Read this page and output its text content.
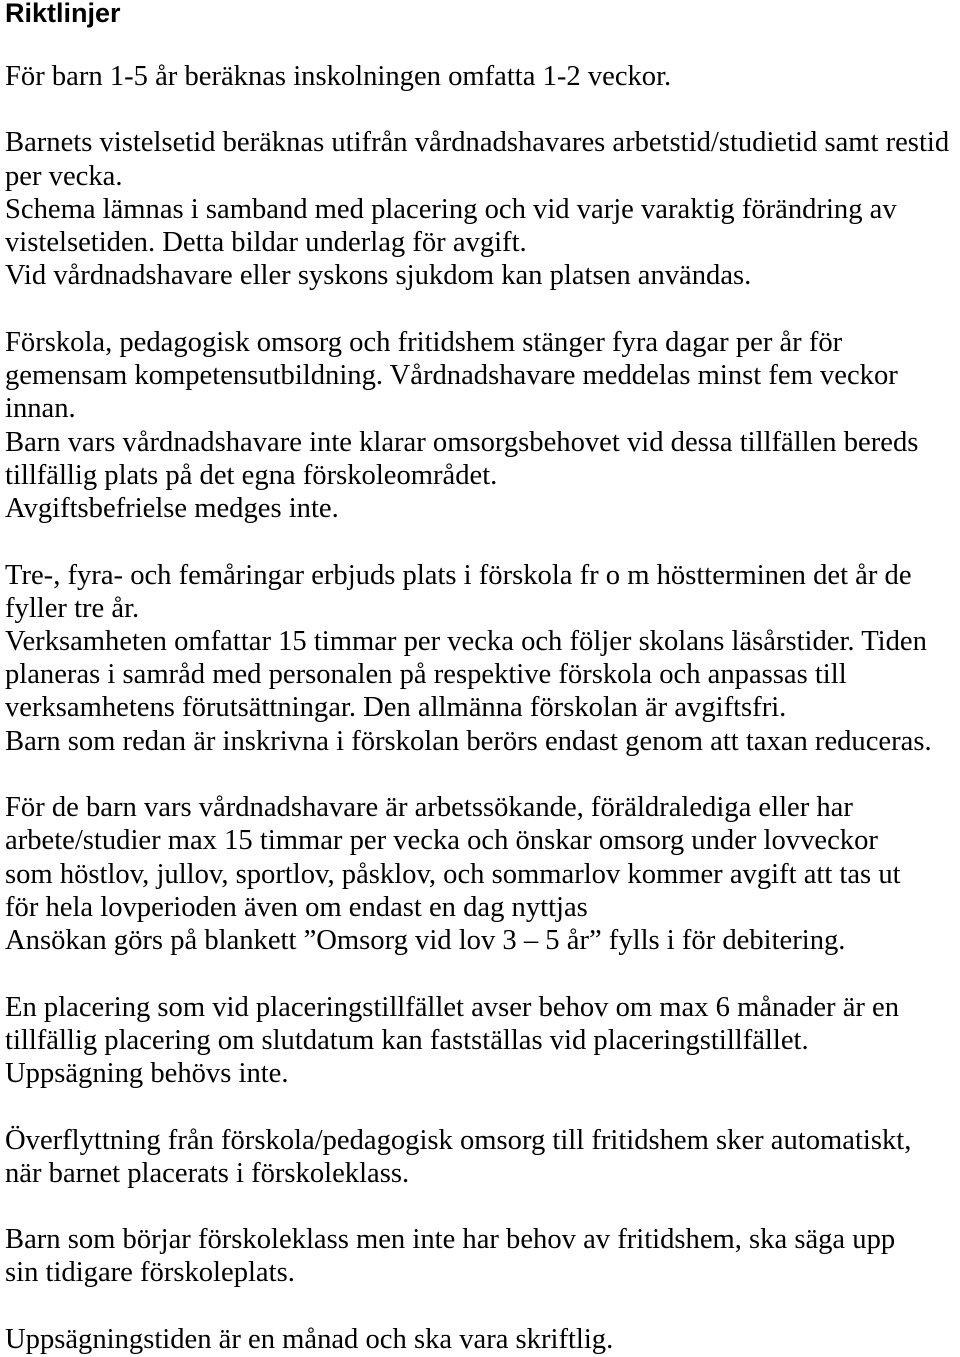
Riktlinjer
För barn 1-5 år beräknas inskolningen omfatta 1-2 veckor.
Barnets vistelsetid beräknas utifrån vårdnadshavares arbetstid/studietid samt restid
per vecka.
Schema lämnas i samband med placering och vid varje varaktig förändring av
vistelsetiden. Detta bildar underlag för avgift.
Vid vårdnadshavare eller syskons sjukdom kan platsen användas.
Förskola, pedagogisk omsorg och fritidshem stänger fyra dagar per år för
gemensam kompetensutbildning. Vårdnadshavare meddelas minst fem veckor
innan.
Barn vars vårdnadshavare inte klarar omsorgsbehovet vid dessa tillfällen bereds
tillfällig plats på det egna förskoleområdet.
Avgiftsbefrielse medges inte.
Tre-, fyra- och femåringar erbjuds plats i förskola fr o m höstterminen det år de
fyller tre år.
Verksamheten omfattar 15 timmar per vecka och följer skolans läsårstider. Tiden
planeras i samråd med personalen på respektive förskola och anpassas till
verksamhetens förutsättningar. Den allmänna förskolan är avgiftsfri.
Barn som redan är inskrivna i förskolan berörs endast genom att taxan reduceras.
För de barn vars vårdnadshavare är arbetssökande, föräldralediga eller har
arbete/studier max 15 timmar per vecka och önskar omsorg under lovveckor
som höstlov, jullov, sportlov, påsklov, och sommarlov kommer avgift att tas ut
för hela lovperioden även om endast en dag nyttjas
Ansökan görs på blankett ”Omsorg vid lov 3 – 5 år” fylls i för debitering.
En placering som vid placeringstillfället avser behov om max 6 månader är en
tillfällig placering om slutdatum kan fastställas vid placeringstillfället.
Uppsägning behövs inte.
Överflyttning från förskola/pedagogisk omsorg till fritidshem sker automatiskt,
när barnet placerats i förskoleklass.
Barn som börjar förskoleklass men inte har behov av fritidshem, ska säga upp
sin tidigare förskoleplats.
Uppsägningstiden är en månad och ska vara skriftlig.
